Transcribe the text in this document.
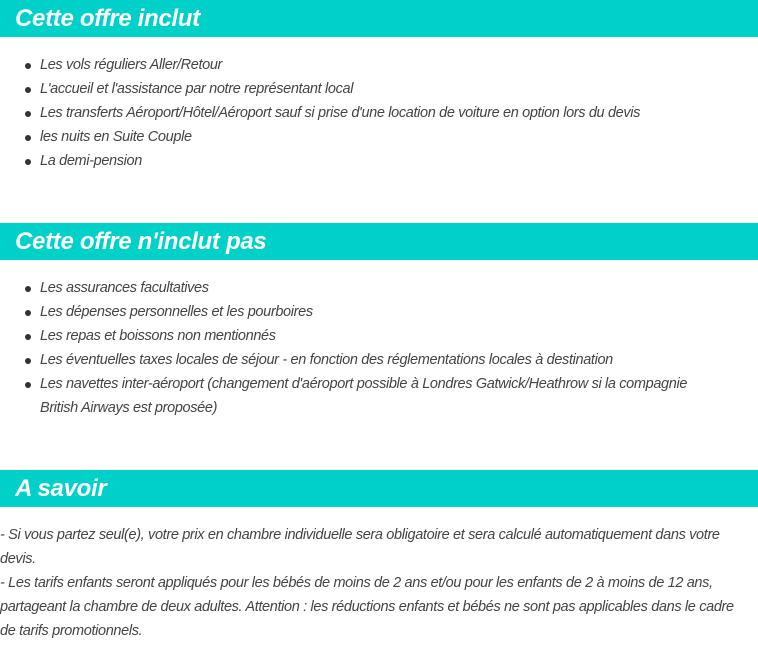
Cette offre inclut
Les vols réguliers Aller/Retour
L'accueil et l'assistance par notre représentant local
Les transferts Aéroport/Hôtel/Aéroport sauf si prise d'une location de voiture en option lors du devis
les nuits en Suite Couple
La demi-pension
Cette offre n'inclut pas
Les assurances facultatives
Les dépenses personnelles et les pourboires
Les repas et boissons non mentionnés
Les éventuelles taxes locales de séjour - en fonction des réglementations locales à destination
Les navettes inter-aéroport (changement d'aéroport possible à Londres Gatwick/Heathrow si la compagnie British Airways est proposée)
A savoir

- Si vous partez seul(e), votre prix en chambre individuelle sera obligatoire et sera calculé automatiquement dans votre devis.

- Les tarifs enfants seront appliqués pour les bébés de moins de 2 ans et/ou pour les enfants de 2 à moins de 12 ans, partageant la chambre de deux adultes. Attention : les réductions enfants et bébés ne sont pas applicables dans le cadre de tarifs promotionnels.
